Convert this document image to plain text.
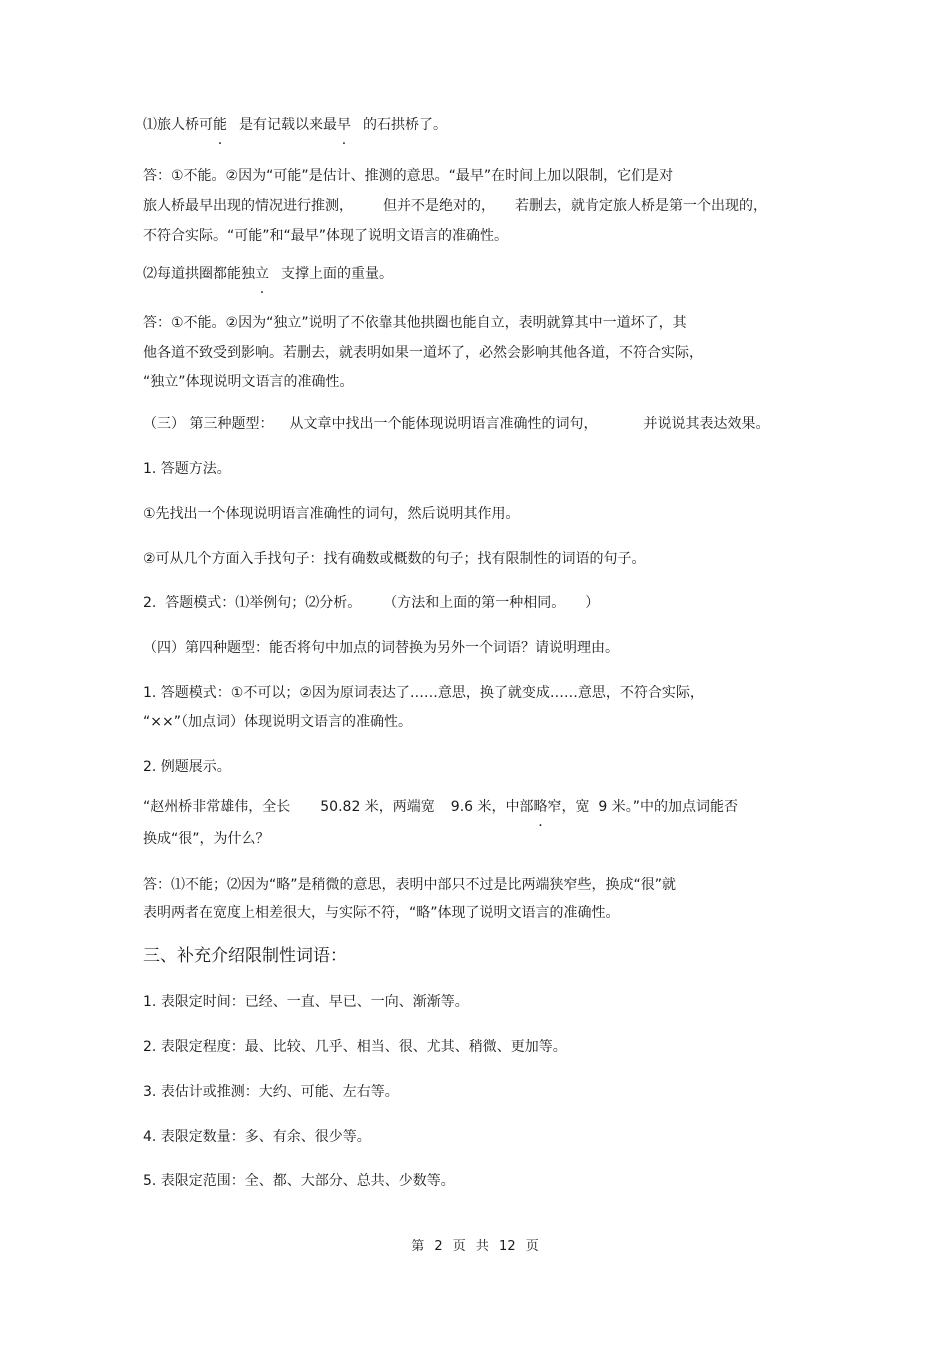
⑴旅人桥可能 是有记载以来最早 的石拱桥了。
答：①不能。②因为“可能”是估计、推测的意思。“最早”在时间上加以限制，它们是对
旅人桥最早出现的情况进行推测， 但并不是绝对的， 若删去，就肯定旅人桥是第一个出现的，
不符合实际。“可能”和“最早”体现了说明文语言的准确性。
⑵每道拱圈都能独立 支撑上面的重量。
答：①不能。②因为“独立”说明了不依靠其他拱圈也能自立，表明就算其中一道坏了，其
他各道不致受到影响。若删去，就表明如果一道坏了，必然会影响其他各道，不符合实际，
“独立”体现说明文语言的准确性。
（三） 第三种题型： 从文章中找出一个能体现说明语言准确性的词句，	并说说其表达效果。
1. 答题方法。
①先找出一个体现说明语言准确性的词句，然后说明其作用。
②可从几个方面入手找句子：找有确数或概数的句子；找有限制性的词语的句子。
2.  答题模式：⑴举例句；⑵分析。 （方法和上面的第一种相同。 ）
（四）第四种题型：能否将句中加点的词替换为另外一个词语？请说明理由。
1. 答题模式：①不可以；②因为原词表达了……意思，换了就变成……意思，不符合实际，
“××”（加点词）体现说明文语言的准确性。
2. 例题展示。
“赵州桥非常雄伟，全长 50.82 米，两端宽 9.6 米，中部略窄，宽  9 米。”中的加点词能否
换成“很”，为什么？
答：⑴不能；⑵因为“略”是稍微的意思，表明中部只不过是比两端狭窄些，换成“很”就
表明两者在宽度上相差很大，与实际不符，“略”体现了说明文语言的准确性。
三、补充介绍限制性词语：
1. 表限定时间：已经、一直、早已、一向、渐渐等。
2. 表限定程度：最、比较、几乎、相当、很、尤其、稍微、更加等。
3. 表估计或推测：大约、可能、左右等。
4. 表限定数量：多、有余、很少等。
5. 表限定范围：全、都、大部分、总共、少数等。
第 2 页 共 12 页
